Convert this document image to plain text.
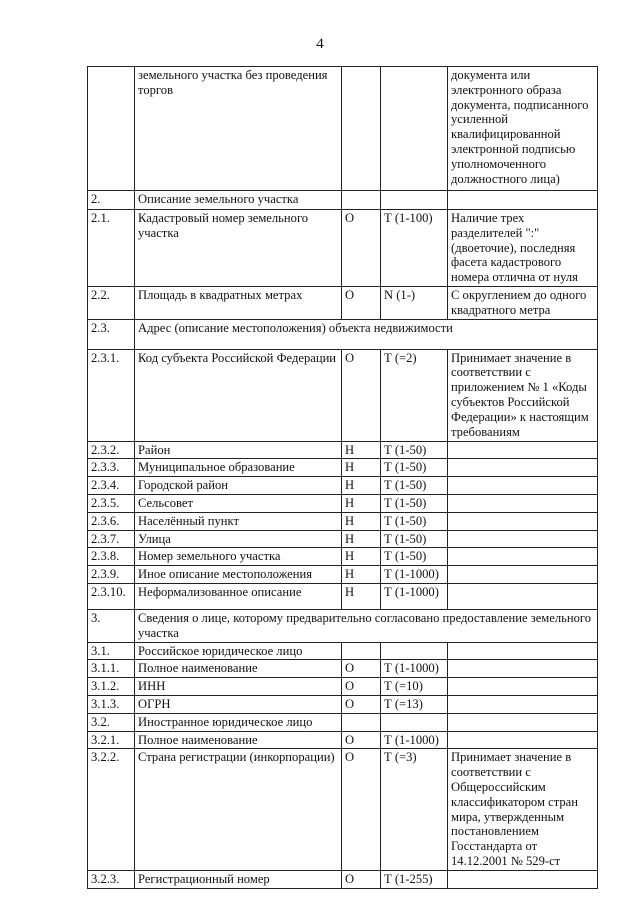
4
	земельного участка без проведения торгов			документа или электронного образа документа, подписанного усиленной квалифицированной электронной подписью уполномоченного должностного лица)
2.	Описание земельного участка			
2.1.	Кадастровый номер земельного участка	О	Т (1-100)	Наличие трех разделителей ":" (двоеточие), последняя фасета кадастрового номера отлична от нуля
2.2.	Площадь в квадратных метрах	О	N (1-)	С округлением до одного квадратного метра
2.3.	Адрес (описание местоположения) объекта недвижимости			
2.3.1.	Код субъекта Российской Федерации	О	Т (=2)	Принимает значение в соответствии с приложением № 1 «Коды субъектов Российской Федерации» к настоящим требованиям
2.3.2.	Район	Н	Т (1-50)	
2.3.3.	Муниципальное образование	Н	Т (1-50)	
2.3.4.	Городской район	Н	Т (1-50)	
2.3.5.	Сельсовет	Н	Т (1-50)	
2.3.6.	Населённый пункт	Н	Т (1-50)	
2.3.7.	Улица	Н	Т (1-50)	
2.3.8.	Номер земельного участка	Н	Т (1-50)	
2.3.9.	Иное описание местоположения	Н	Т (1-1000)	
2.3.10.	Неформализованное описание	Н	Т (1-1000)	
3.	Сведения о лице, которому предварительно согласовано предоставление земельного участка			
3.1.	Российское юридическое лицо			
3.1.1.	Полное наименование	О	Т (1-1000)	
3.1.2.	ИНН	О	Т (=10)	
3.1.3.	ОГРН	О	Т (=13)	
3.2.	Иностранное юридическое лицо			
3.2.1.	Полное наименование	О	Т (1-1000)	
3.2.2.	Страна регистрации (инкорпорации)	О	Т (=3)	Принимает значение в соответствии с Общероссийским классификатором стран мира, утвержденным постановлением Госстандарта от 14.12.2001 № 529-ст
3.2.3.	Регистрационный номер	О	Т (1-255)	
